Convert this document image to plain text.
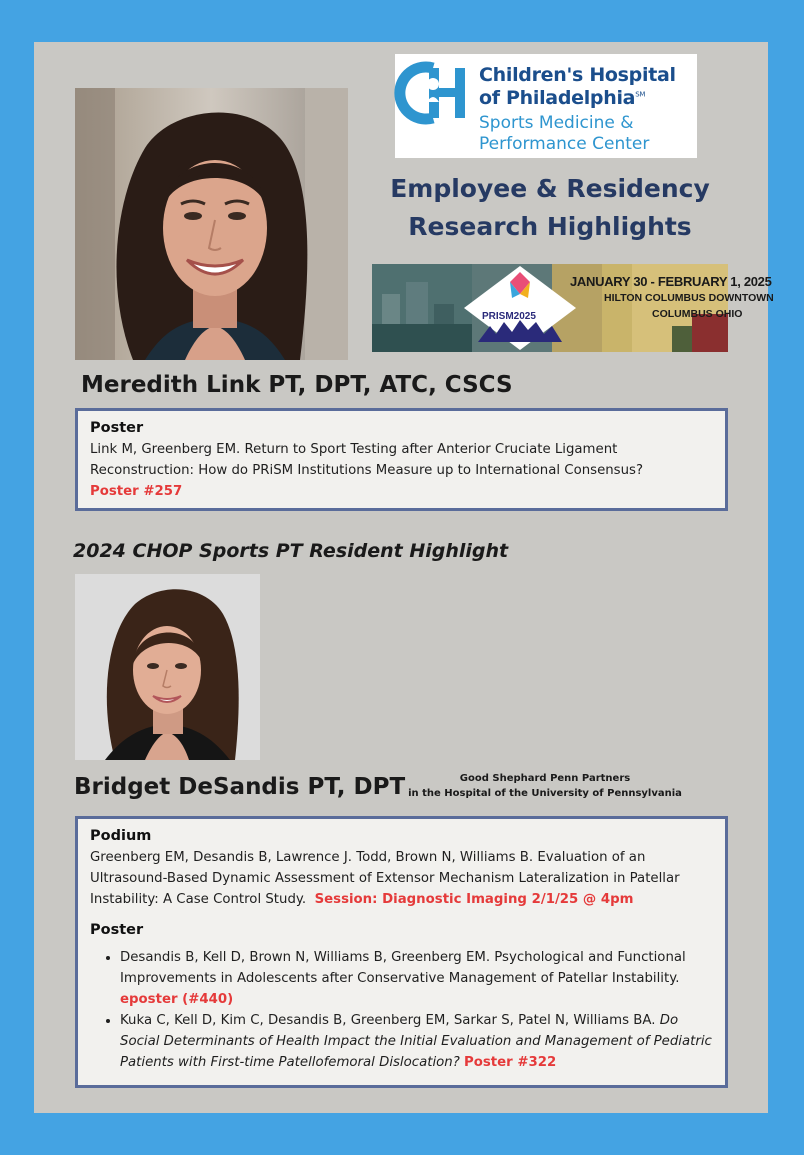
Children's Hospital
of Philadelphia℠
Sports Medicine &
Performance Center
Employee & Residency
Research Highlights
PRISM2025
JANUARY 30 - FEBRUARY 1, 2025
HILTON COLUMBUS DOWNTOWN
COLUMBUS OHIO
Meredith Link PT, DPT, ATC, CSCS
Poster

Link M, Greenberg EM. Return to Sport Testing after Anterior Cruciate Ligament Reconstruction: How do PRiSM Institutions Measure up to International Consensus?

Poster #257

2024 CHOP Sports PT Resident Highlight
Bridget DeSandis PT, DPT	Good Shephard Penn Partners
in the Hospital of the University of Pennsylvania
Podium

Greenberg EM, Desandis B, Lawrence J. Todd, Brown N, Williams B. Evaluation of an Ultrasound-Based Dynamic Assessment of Extensor Mechanism Lateralization in Patellar Instability: A Case Control Study. Session: Diagnostic Imaging 2/1/25 @ 4pm

Poster
• Desandis B, Kell D, Brown N, Williams B, Greenberg EM. Psychological and Functional Improvements in Adolescents after Conservative Management of Patellar Instability.
eposter (#440)
• Kuka C, Kell D, Kim C, Desandis B, Greenberg EM, Sarkar S, Patel N, Williams BA. Do Social Determinants of Health Impact the Initial Evaluation and Management of Pediatric Patients with First-time Patellofemoral Dislocation? Poster #322
